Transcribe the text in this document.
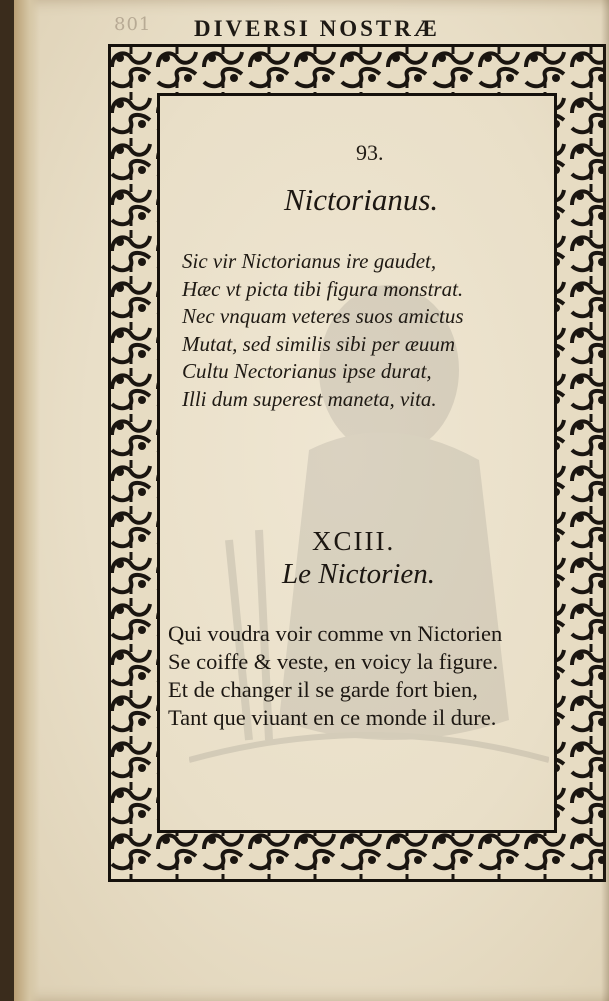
801 DIVERSI NOSTRÆ
93.
Nictorianus.
Sic vir Nictorianus ire gaudet,
Hæc vt picta tibi figura monstrat.
Nec vnquam veteres suos amictus
Mutat, sed similis sibi per æuum
Cultu Nectorianus ipse durat,
Illi dum superest maneta, vita.
XCIII.
Le Nictorien.
Qui voudra voir comme vn Nictorien
Se coiffe & veste, en voicy la figure.
Et de changer il se garde fort bien,
Tant que viuant en ce monde il dure.
